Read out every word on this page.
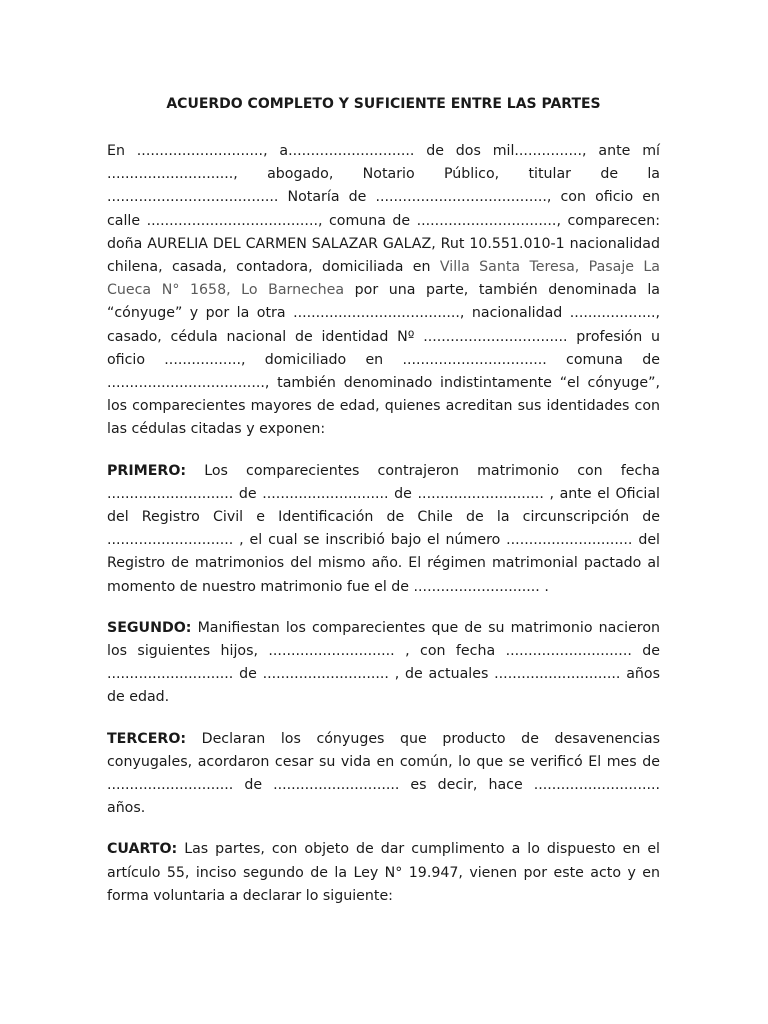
ACUERDO COMPLETO Y SUFICIENTE ENTRE LAS PARTES

En ............................, a............................ de dos mil..............., ante mí ............................, abogado, Notario Público, titular de la ...................................... Notaría de ......................................, con oficio en calle ......................................, comuna de ..............................., comparecen: doña AURELIA DEL CARMEN SALAZAR GALAZ, Rut 10.551.010-1 nacionalidad chilena, casada, contadora, domiciliada en Villa Santa Teresa, Pasaje La Cueca N° 1658, Lo Barnechea por una parte, también denominada la “cónyuge” y por la otra ....................................., nacionalidad ..................., casado, cédula nacional de identidad Nº ................................ profesión u oficio ................., domiciliado en ................................ comuna de ..................................., también denominado indistintamente “el cónyuge”, los comparecientes mayores de edad, quienes acreditan sus identidades con las cédulas citadas y exponen:

PRIMERO: Los comparecientes contrajeron matrimonio con fecha ............................ de ............................ de ............................ , ante el Oficial del Registro Civil e Identificación de Chile de la circunscripción de ............................ , el cual se inscribió bajo el número ............................ del Registro de matrimonios del mismo año. El régimen matrimonial pactado al momento de nuestro matrimonio fue el de ............................ .

SEGUNDO: Manifiestan los comparecientes que de su matrimonio nacieron los siguientes hijos, ............................ , con fecha ............................ de ............................ de ............................ , de actuales ............................ años de edad.

TERCERO: Declaran los cónyuges que producto de desavenencias conyugales, acordaron cesar su vida en común, lo que se verificó El mes de ............................ de ............................ es decir, hace ............................ años.

CUARTO: Las partes, con objeto de dar cumplimento a lo dispuesto en el artículo 55, inciso segundo de la Ley N° 19.947, vienen por este acto y en forma voluntaria a declarar lo siguiente:
